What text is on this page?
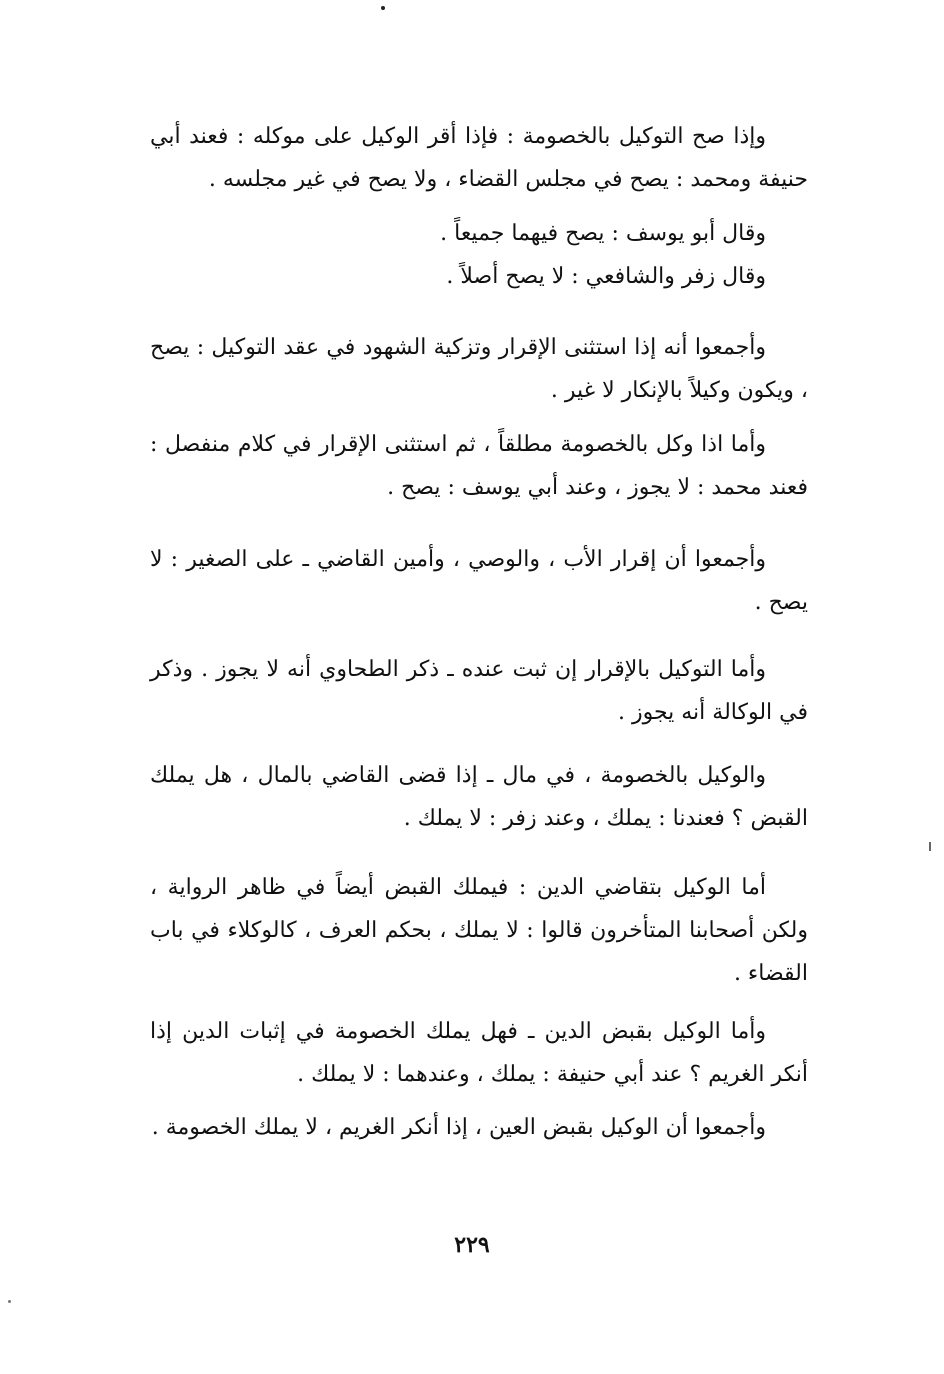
وإذا صح التوكيل بالخصومة : فإذا أقر الوكيل على موكله : فعند أبي حنيفة ومحمد : يصح في مجلس القضاء ، ولا يصح في غير مجلسه .

وقال أبو يوسف : يصح فيهما جميعاً .

وقال زفر والشافعي : لا يصح أصلاً .

وأجمعوا أنه إذا استثنى الإقرار وتزكية الشهود في عقد التوكيل : يصح ، ويكون وكيلاً بالإنكار لا غير .

وأما اذا وكل بالخصومة مطلقاً ، ثم استثنى الإقرار في كلام منفصل : فعند محمد : لا يجوز ، وعند أبي يوسف : يصح .

وأجمعوا أن إقرار الأب ، والوصي ، وأمين القاضي ـ على الصغير : لا يصح .

وأما التوكيل بالإقرار إن ثبت عنده ـ ذكر الطحاوي أنه لا يجوز . وذكر في الوكالة أنه يجوز .

والوكيل بالخصومة ، في مال ـ إذا قضى القاضي بالمال ، هل يملك القبض ؟ فعندنا : يملك ، وعند زفر : لا يملك .

أما الوكيل بتقاضي الدين : فيملك القبض أيضاً في ظاهر الرواية ، ولكن أصحابنا المتأخرون قالوا : لا يملك ، بحكم العرف ، كالوكلاء في باب القضاء .

وأما الوكيل بقبض الدين ـ فهل يملك الخصومة في إثبات الدين إذا أنكر الغريم ؟ عند أبي حنيفة : يملك ، وعندهما : لا يملك .

وأجمعوا أن الوكيل بقبض العين ، إذا أنكر الغريم ، لا يملك الخصومة .

٢٢٩
